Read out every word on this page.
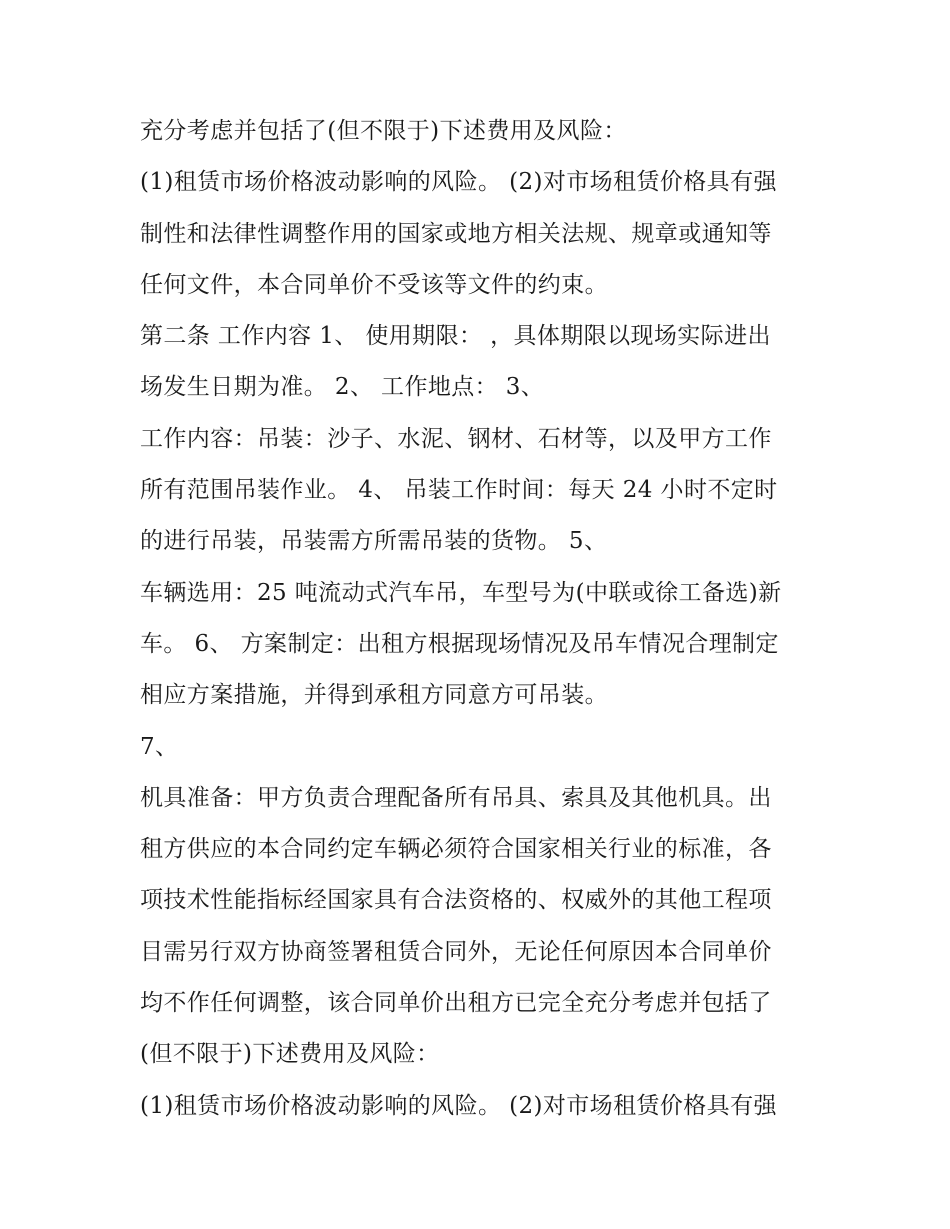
充分考虑并包括了(但不限于)下述费用及风险：
(1)租赁市场价格波动影响的风险。 (2)对市场租赁价格具有强
制性和法律性调整作用的国家或地方相关法规、规章或通知等
任何文件，本合同单价不受该等文件的约束。
第二条 工作内容 1、 使用期限： ，具体期限以现场实际进出
场发生日期为准。 2、 工作地点： 3、
工作内容：吊装：沙子、水泥、钢材、石材等，以及甲方工作
所有范围吊装作业。 4、 吊装工作时间：每天 24 小时不定时
的进行吊装，吊装需方所需吊装的货物。 5、
车辆选用：25 吨流动式汽车吊，车型号为(中联或徐工备选)新
车。 6、 方案制定：出租方根据现场情况及吊车情况合理制定
相应方案措施，并得到承租方同意方可吊装。
7、
机具准备：甲方负责合理配备所有吊具、索具及其他机具。出
租方供应的本合同约定车辆必须符合国家相关行业的标准，各
项技术性能指标经国家具有合法资格的、权威外的其他工程项
目需另行双方协商签署租赁合同外，无论任何原因本合同单价
均不作任何调整，该合同单价出租方已完全充分考虑并包括了
(但不限于)下述费用及风险：
(1)租赁市场价格波动影响的风险。 (2)对市场租赁价格具有强
